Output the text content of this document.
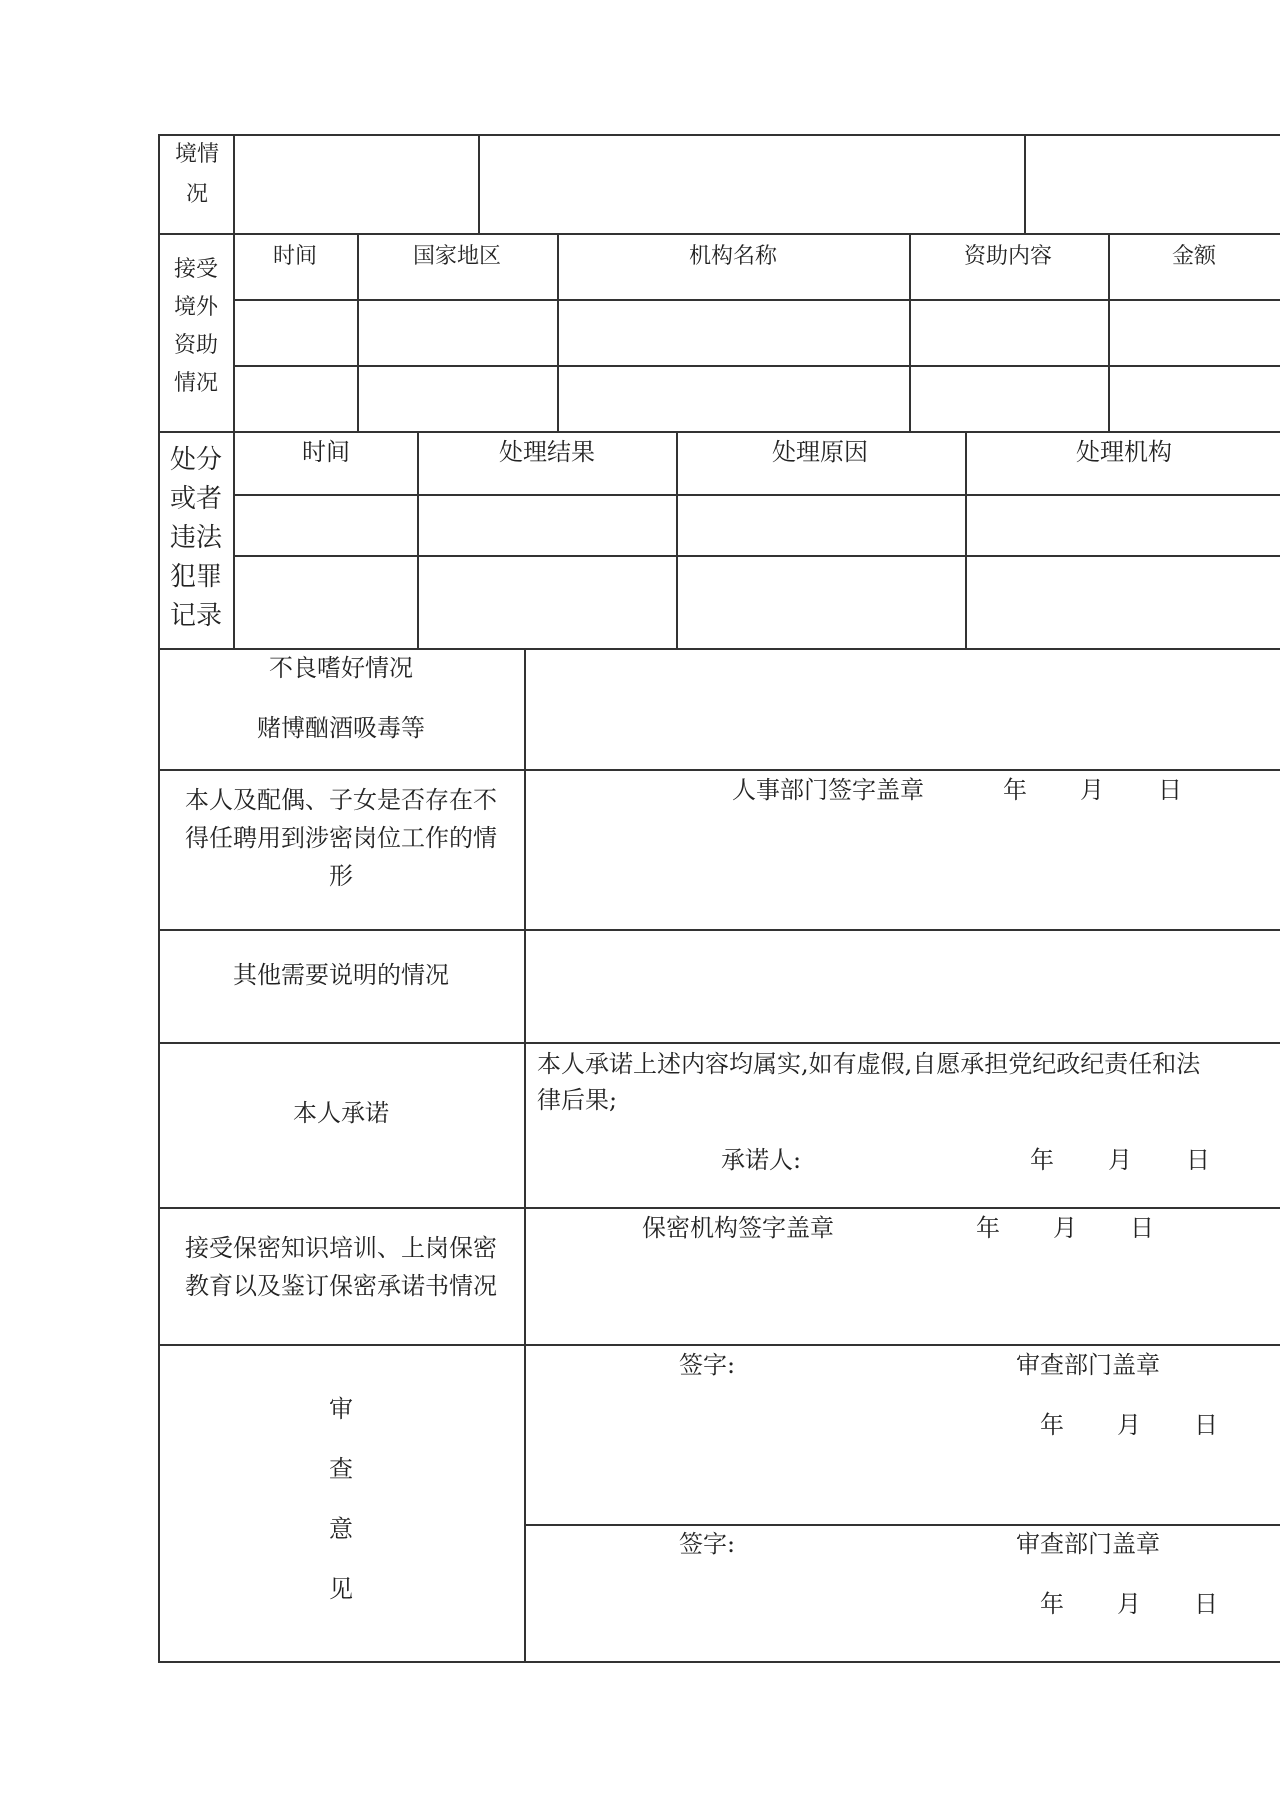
境情
况
接受
境外
资助
情况
时间	国家地区	机构名称	资助内容	金额
处分
或者
违法
犯罪
记录
时间	处理结果	处理原因	处理机构
不良嗜好情况
赌博酗酒吸毒等
本人及配偶、子女是否存在不
得任聘用到涉密岗位工作的情
形
人事部门签字盖章	年 月 日
其他需要说明的情况
本人承诺
本人承诺上述内容均属实,如有虚假,自愿承担党纪政纪责任和法
律后果;
承诺人:	年 月 日
接受保密知识培训、上岗保密
教育以及鉴订保密承诺书情况
保密机构签字盖章	年 月 日
审
查
意
见
签字:	审查部门盖章
年 月 日
签字:	审查部门盖章
年 月 日
